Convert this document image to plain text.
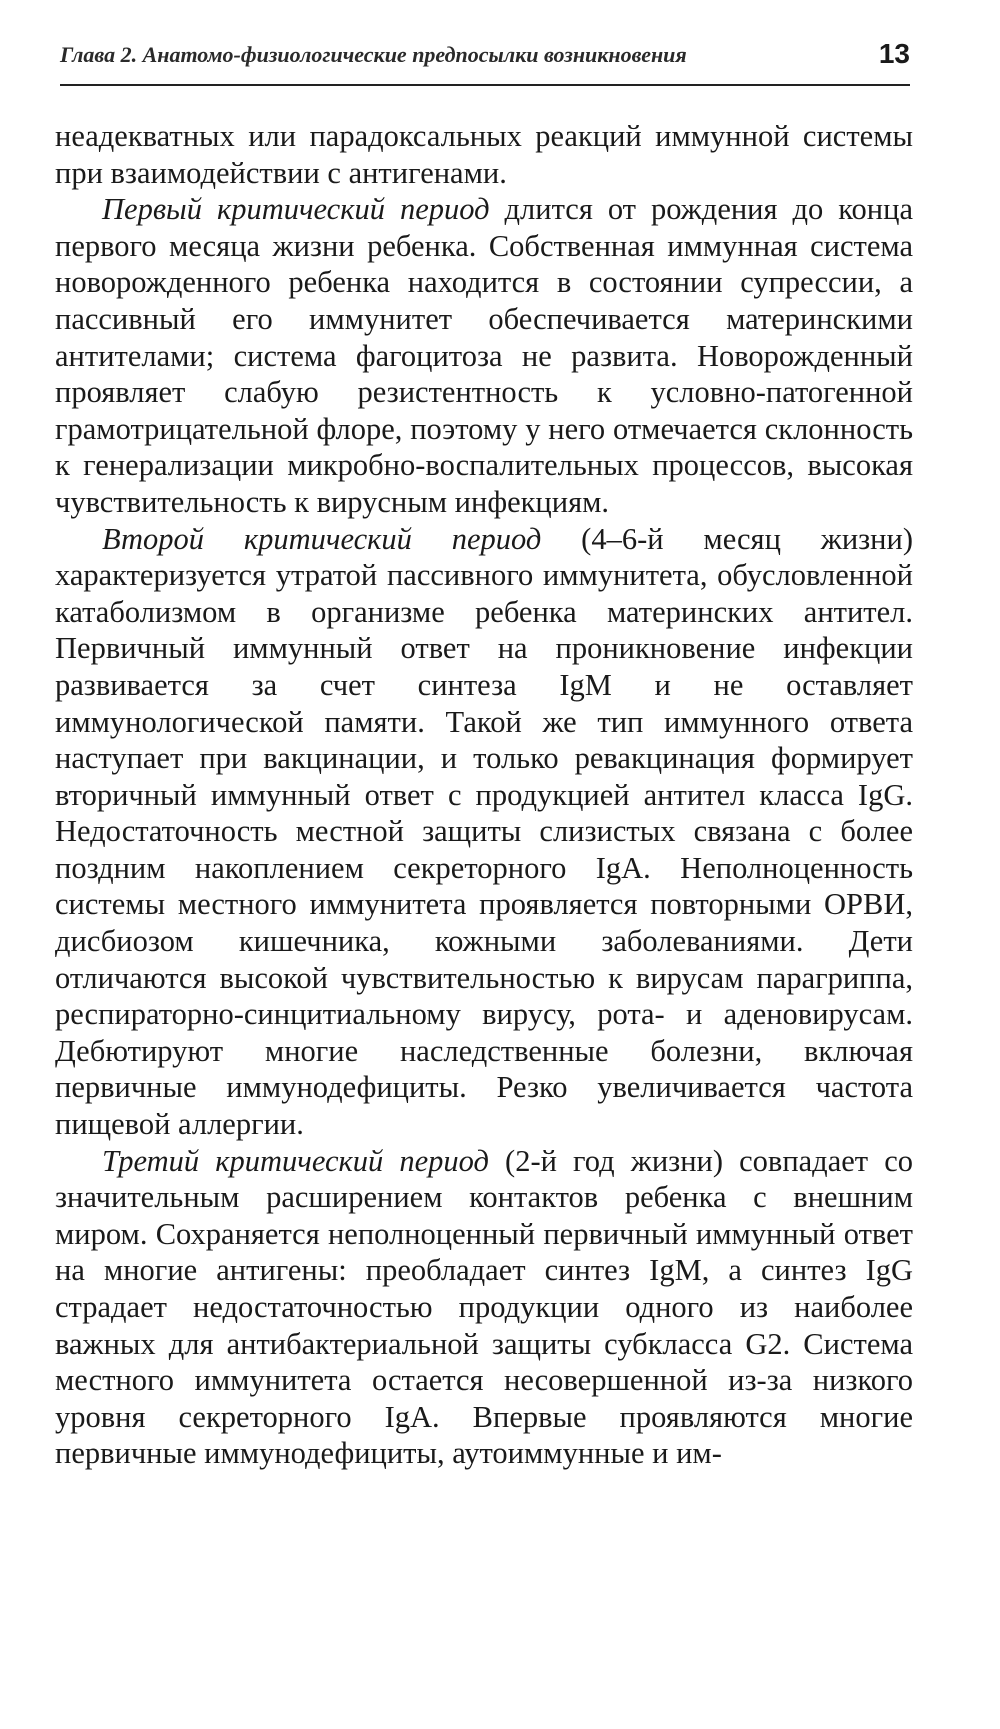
Глава 2. Анатомо-физиологические предпосылки возникновения	13

неадекватных или парадоксальных реакций иммунной системы при взаимодействии с антигенами.

Первый критический период длится от рождения до конца первого месяца жизни ребенка. Собственная иммунная система новорожденного ребенка находится в состоянии супрессии, а пассивный его иммунитет обеспечивается материнскими антителами; система фагоцитоза не развита. Новорожденный проявляет слабую резистентность к условно-патогенной грамотрицательной флоре, поэтому у него отмечается склонность к генерализации микробно-воспалительных процессов, высокая чувствительность к вирусным инфекциям.

Второй критический период (4–6-й месяц жизни) характеризуется утратой пассивного иммунитета, обусловленной катаболизмом в организме ребенка материнских антител. Первичный иммунный ответ на проникновение инфекции развивается за счет синтеза IgM и не оставляет иммунологической памяти. Такой же тип иммунного ответа наступает при вакцинации, и только ревакцинация формирует вторичный иммунный ответ с продукцией антител класса IgG. Недостаточность местной защиты слизистых связана с более поздним накоплением секреторного IgA. Неполноценность системы местного иммунитета проявляется повторными ОРВИ, дисбиозом кишечника, кожными заболеваниями. Дети отличаются высокой чувствительностью к вирусам парагриппа, респираторно-синцитиальному вирусу, рота- и аденовирусам. Дебютируют многие наследственные болезни, включая первичные иммунодефициты. Резко увеличивается частота пищевой аллергии.

Третий критический период (2-й год жизни) совпадает со значительным расширением контактов ребенка с внешним миром. Сохраняется неполноценный первичный иммунный ответ на многие антигены: преобладает синтез IgM, а синтез IgG страдает недостаточностью продукции одного из наиболее важных для антибактериальной защиты субкласса G2. Система местного иммунитета остается несовершенной из-за низкого уровня секреторного IgA. Впервые проявляются многие первичные иммунодефициты, аутоиммунные и им-
